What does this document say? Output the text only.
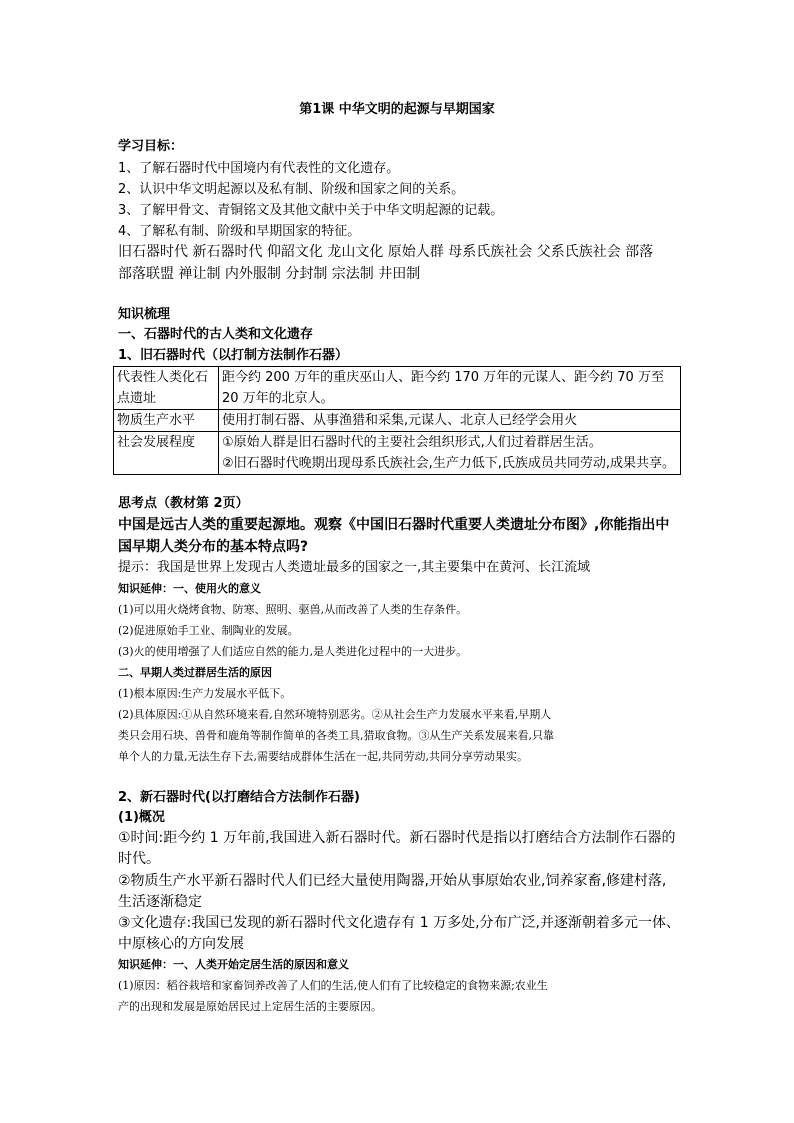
第1课 中华文明的起源与早期国家
学习目标：
1、了解石器时代中国境内有代表性的文化遗存。
2、认识中华文明起源以及私有制、阶级和国家之间的关系。
3、了解甲骨文、青铜铭文及其他文献中关于中华文明起源的记载。
4、了解私有制、阶级和早期国家的特征。
旧石器时代 新石器时代 仰韶文化 龙山文化 原始人群 母系氏族社会 父系氏族社会 部落
部落联盟 禅让制 内外服制 分封制 宗法制 井田制
知识梳理
一、石器时代的古人类和文化遗存
1、旧石器时代（以打制方法制作石器）
代表性人类化石点遗址	距今约 200 万年的重庆巫山人、距今约 170 万年的元谋人、距今约 70 万至 20 万年的北京人。
物质生产水平	使用打制石器、从事渔猎和采集,元谋人、北京人已经学会用火
社会发展程度	①原始人群是旧石器时代的主要社会组织形式,人们过着群居生活。
②旧石器时代晚期出现母系氏族社会,生产力低下,氏族成员共同劳动,成果共享。
思考点（教材第 2页）
中国是远古人类的重要起源地。观察《中国旧石器时代重要人类遗址分布图》,你能指出中
国早期人类分布的基本特点吗?
提示：我国是世界上发现古人类遗址最多的国家之一,其主要集中在黄河、长江流域
知识延伸：一、使用火的意义
(1)可以用火烧烤食物、防寒、照明、驱兽,从而改善了人类的生存条件。
(2)促进原始手工业、制陶业的发展。
(3)火的使用增强了人们适应自然的能力,是人类进化过程中的一大进步。
二、早期人类过群居生活的原因
(1)根本原因:生产力发展水平低下。
(2)具体原因:①从自然环境来看,自然环境特别恶劣。②从社会生产力发展水平来看,早期人
类只会用石块、兽骨和鹿角等制作简单的各类工具,猎取食物。③从生产关系发展来看,只靠
单个人的力量,无法生存下去,需要结成群体生活在一起,共同劳动,共同分享劳动果实。
2、新石器时代(以打磨结合方法制作石器)
(1)概况
①时间:距今约 1 万年前,我国进入新石器时代。新石器时代是指以打磨结合方法制作石器的
时代。
②物质生产水平新石器时代人们已经大量使用陶器,开始从事原始农业,饲养家畜,修建村落,
生活逐渐稳定
③文化遗存:我国已发现的新石器时代文化遗存有 1 万多处,分布广泛,并逐渐朝着多元一体、
中原核心的方向发展
知识延伸：一、人类开始定居生活的原因和意义
(1)原因：稻谷栽培和家畜饲养改善了人们的生活,使人们有了比较稳定的食物来源;农业生
产的出现和发展是原始居民过上定居生活的主要原因。
